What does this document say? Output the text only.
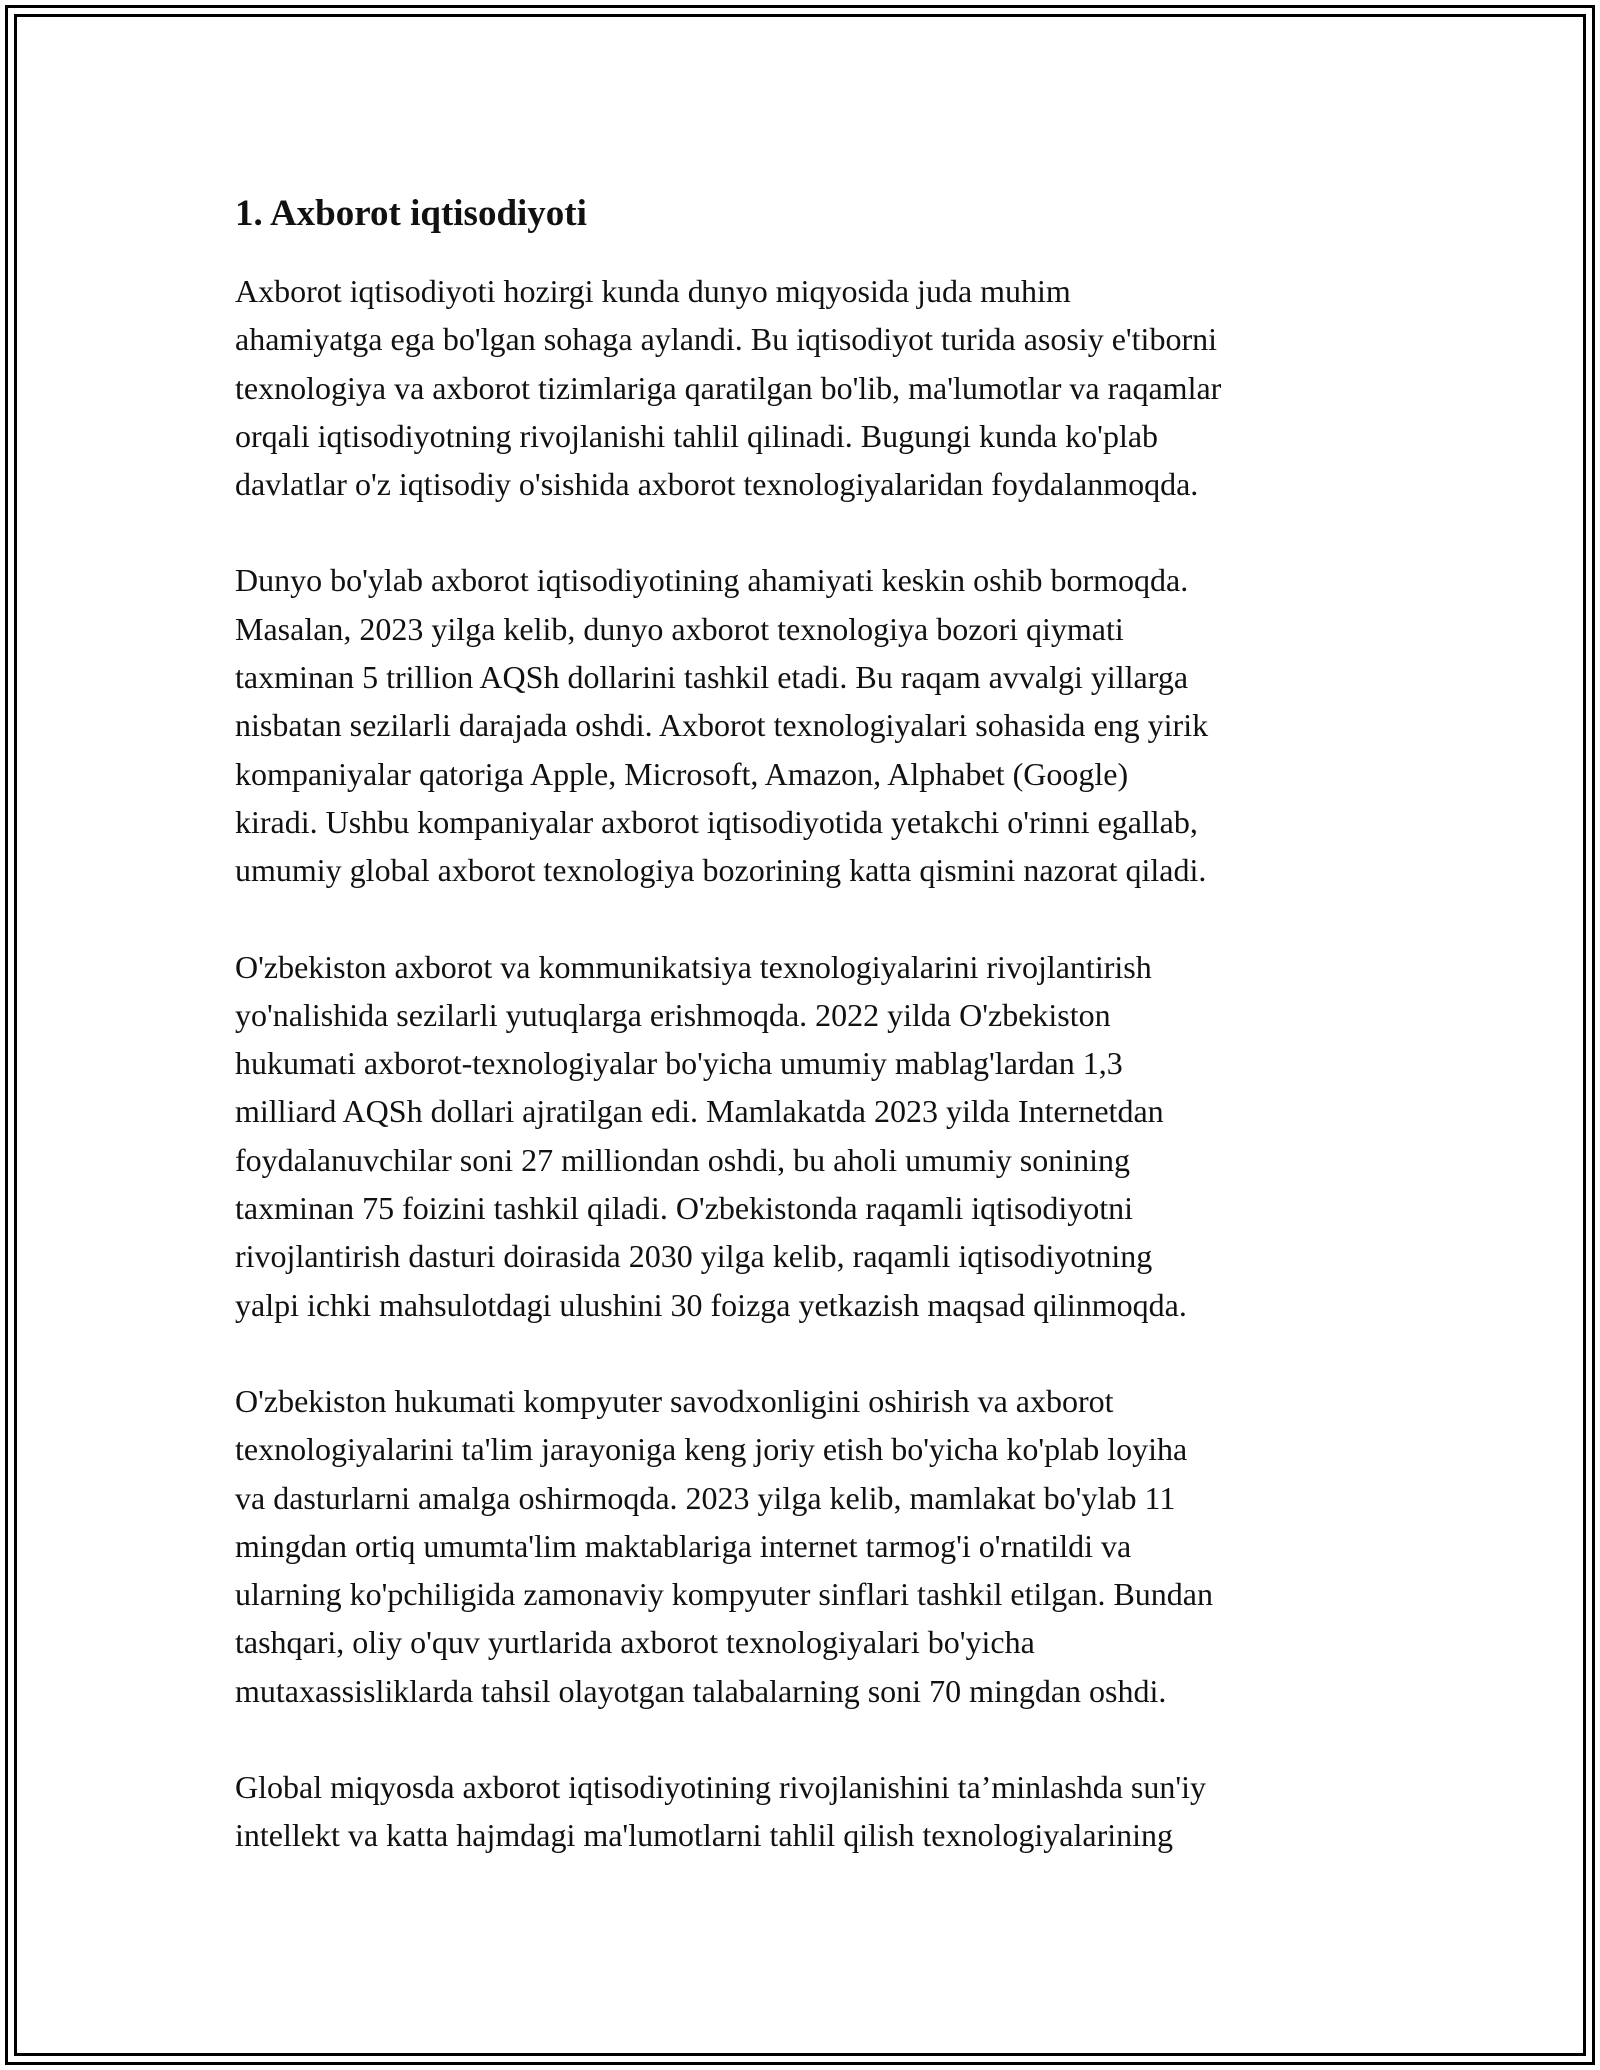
1. Axborot iqtisodiyoti

Axborot iqtisodiyoti hozirgi kunda dunyo miqyosida juda muhim
ahamiyatga ega bo'lgan sohaga aylandi. Bu iqtisodiyot turida asosiy e'tiborni
texnologiya va axborot tizimlariga qaratilgan bo'lib, ma'lumotlar va raqamlar
orqali iqtisodiyotning rivojlanishi tahlil qilinadi. Bugungi kunda ko'plab
davlatlar o'z iqtisodiy o'sishida axborot texnologiyalaridan foydalanmoqda.

Dunyo bo'ylab axborot iqtisodiyotining ahamiyati keskin oshib bormoqda.
Masalan, 2023 yilga kelib, dunyo axborot texnologiya bozori qiymati
taxminan 5 trillion AQSh dollarini tashkil etadi. Bu raqam avvalgi yillarga
nisbatan sezilarli darajada oshdi. Axborot texnologiyalari sohasida eng yirik
kompaniyalar qatoriga Apple, Microsoft, Amazon, Alphabet (Google)
kiradi. Ushbu kompaniyalar axborot iqtisodiyotida yetakchi o'rinni egallab,
umumiy global axborot texnologiya bozorining katta qismini nazorat qiladi.

O'zbekiston axborot va kommunikatsiya texnologiyalarini rivojlantirish
yo'nalishida sezilarli yutuqlarga erishmoqda. 2022 yilda O'zbekiston
hukumati axborot-texnologiyalar bo'yicha umumiy mablag'lardan 1,3
milliard AQSh dollari ajratilgan edi. Mamlakatda 2023 yilda Internetdan
foydalanuvchilar soni 27 milliondan oshdi, bu aholi umumiy sonining
taxminan 75 foizini tashkil qiladi. O'zbekistonda raqamli iqtisodiyotni
rivojlantirish dasturi doirasida 2030 yilga kelib, raqamli iqtisodiyotning
yalpi ichki mahsulotdagi ulushini 30 foizga yetkazish maqsad qilinmoqda.

O'zbekiston hukumati kompyuter savodxonligini oshirish va axborot
texnologiyalarini ta'lim jarayoniga keng joriy etish bo'yicha ko'plab loyiha
va dasturlarni amalga oshirmoqda. 2023 yilga kelib, mamlakat bo'ylab 11
mingdan ortiq umumta'lim maktablariga internet tarmog'i o'rnatildi va
ularning ko'pchiligida zamonaviy kompyuter sinflari tashkil etilgan. Bundan
tashqari, oliy o'quv yurtlarida axborot texnologiyalari bo'yicha
mutaxassisliklarda tahsil olayotgan talabalarning soni 70 mingdan oshdi.

Global miqyosda axborot iqtisodiyotining rivojlanishini ta’minlashda sun'iy
intellekt va katta hajmdagi ma'lumotlarni tahlil qilish texnologiyalarining
